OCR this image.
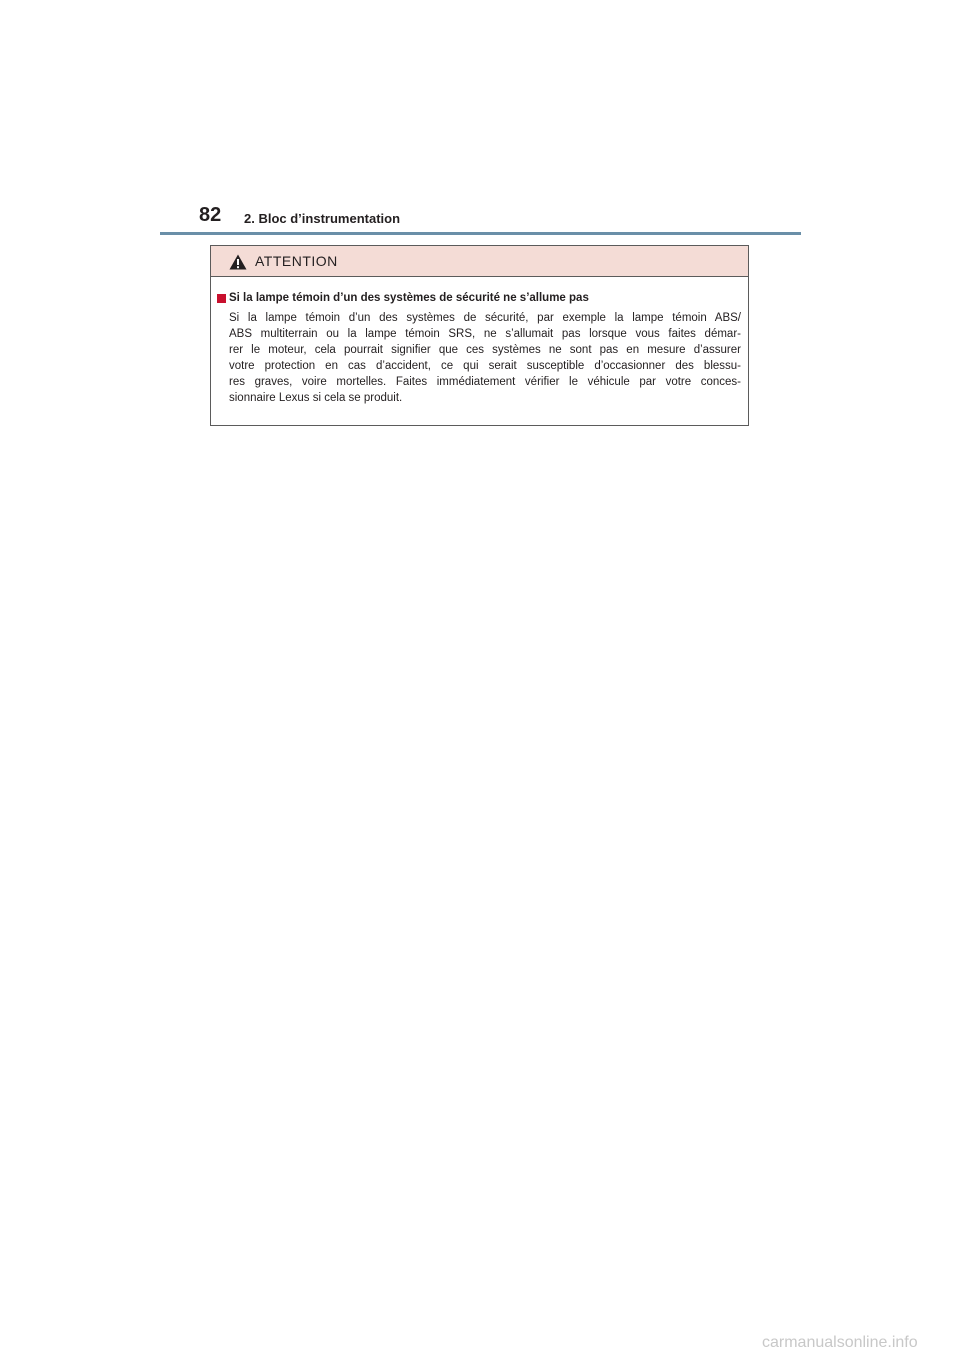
82 2. Bloc d’instrumentation
ATTENTION
Si la lampe témoin d’un des systèmes de sécurité ne s’allume pas
Si la lampe témoin d’un des systèmes de sécurité, par exemple la lampe témoin ABS/
ABS multiterrain ou la lampe témoin SRS, ne s’allumait pas lorsque vous faites démar-
rer le moteur, cela pourrait signifier que ces systèmes ne sont pas en mesure d’assurer
votre protection en cas d’accident, ce qui serait susceptible d’occasionner des blessu-
res graves, voire mortelles. Faites immédiatement vérifier le véhicule par votre conces-
sionnaire Lexus si cela se produit.
carmanualsonline.info
